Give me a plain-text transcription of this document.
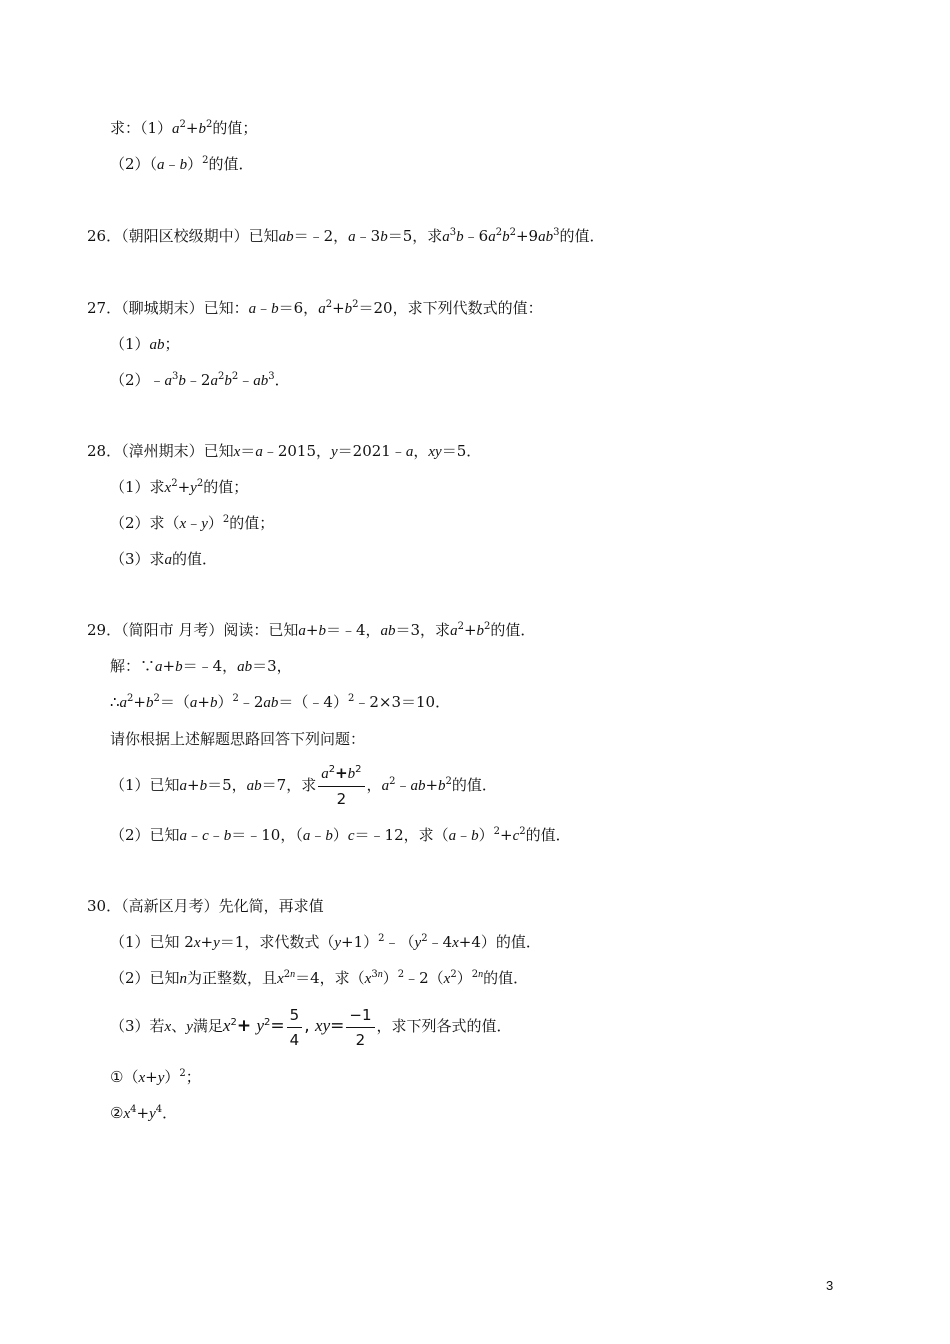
求：$(1)a^2+b^2$的值；
（2）（a﹣b）$^2$的值．
26．（朝阳区校级期中）已知ab＝﹣2，a﹣3b＝5，求$a^3b﹣6a^2b^2+9ab^3$的值．
27．（聊城期末）已知：a﹣b＝6，$a^2+b^2=20$，求下列代数式的值：
（1）ab；
$(2)﹣a^3b﹣2a^2b^2﹣ab^3$．
28．（漳州期末）已知x＝a﹣2015，y＝2021﹣a，xy＝5．
（1）求$x^2+y^2$的值；
（2）求（x﹣y）$^2$的值；
（3）求a的值．
29．（简阳市 月考）阅读：已知a+b＝﹣4，ab＝3，求$a^2+b^2$的值．
解：∵a+b＝﹣4，ab＝3，
$\therefore a^2+b^2=(a+b)^2﹣2ab=(﹣4)^2﹣2\times 3=10$．
请你根据上述解题思路回答下列问题：
（1）已知a+b＝5，ab＝7，求 $\frac{a^2+b^2}{2}$ ，$a^2﹣ab+b^2$的值．
（2）已知a﹣c﹣b＝﹣10，（a﹣b）c＝﹣12，求$(a﹣b)^2+c^2$的值．
30．（高新区月考）先化简，再求值
（1）已知 2x+y＝1，求代数式$(y+1)^2﹣(y^2﹣4x+4)$的值．
（2）已知n为正整数，且$x^{2n}=4$，求$(x^{3n})^2﹣2(x^2)^{2n}$的值．
（3）若x、y满足$x^2+ y^2= \frac{5}{4}$ , $xy= \frac{-1}{2}$ ，求下列各式的值．
$①(x+y)^2$；
$②x^4+y^4$．
3
